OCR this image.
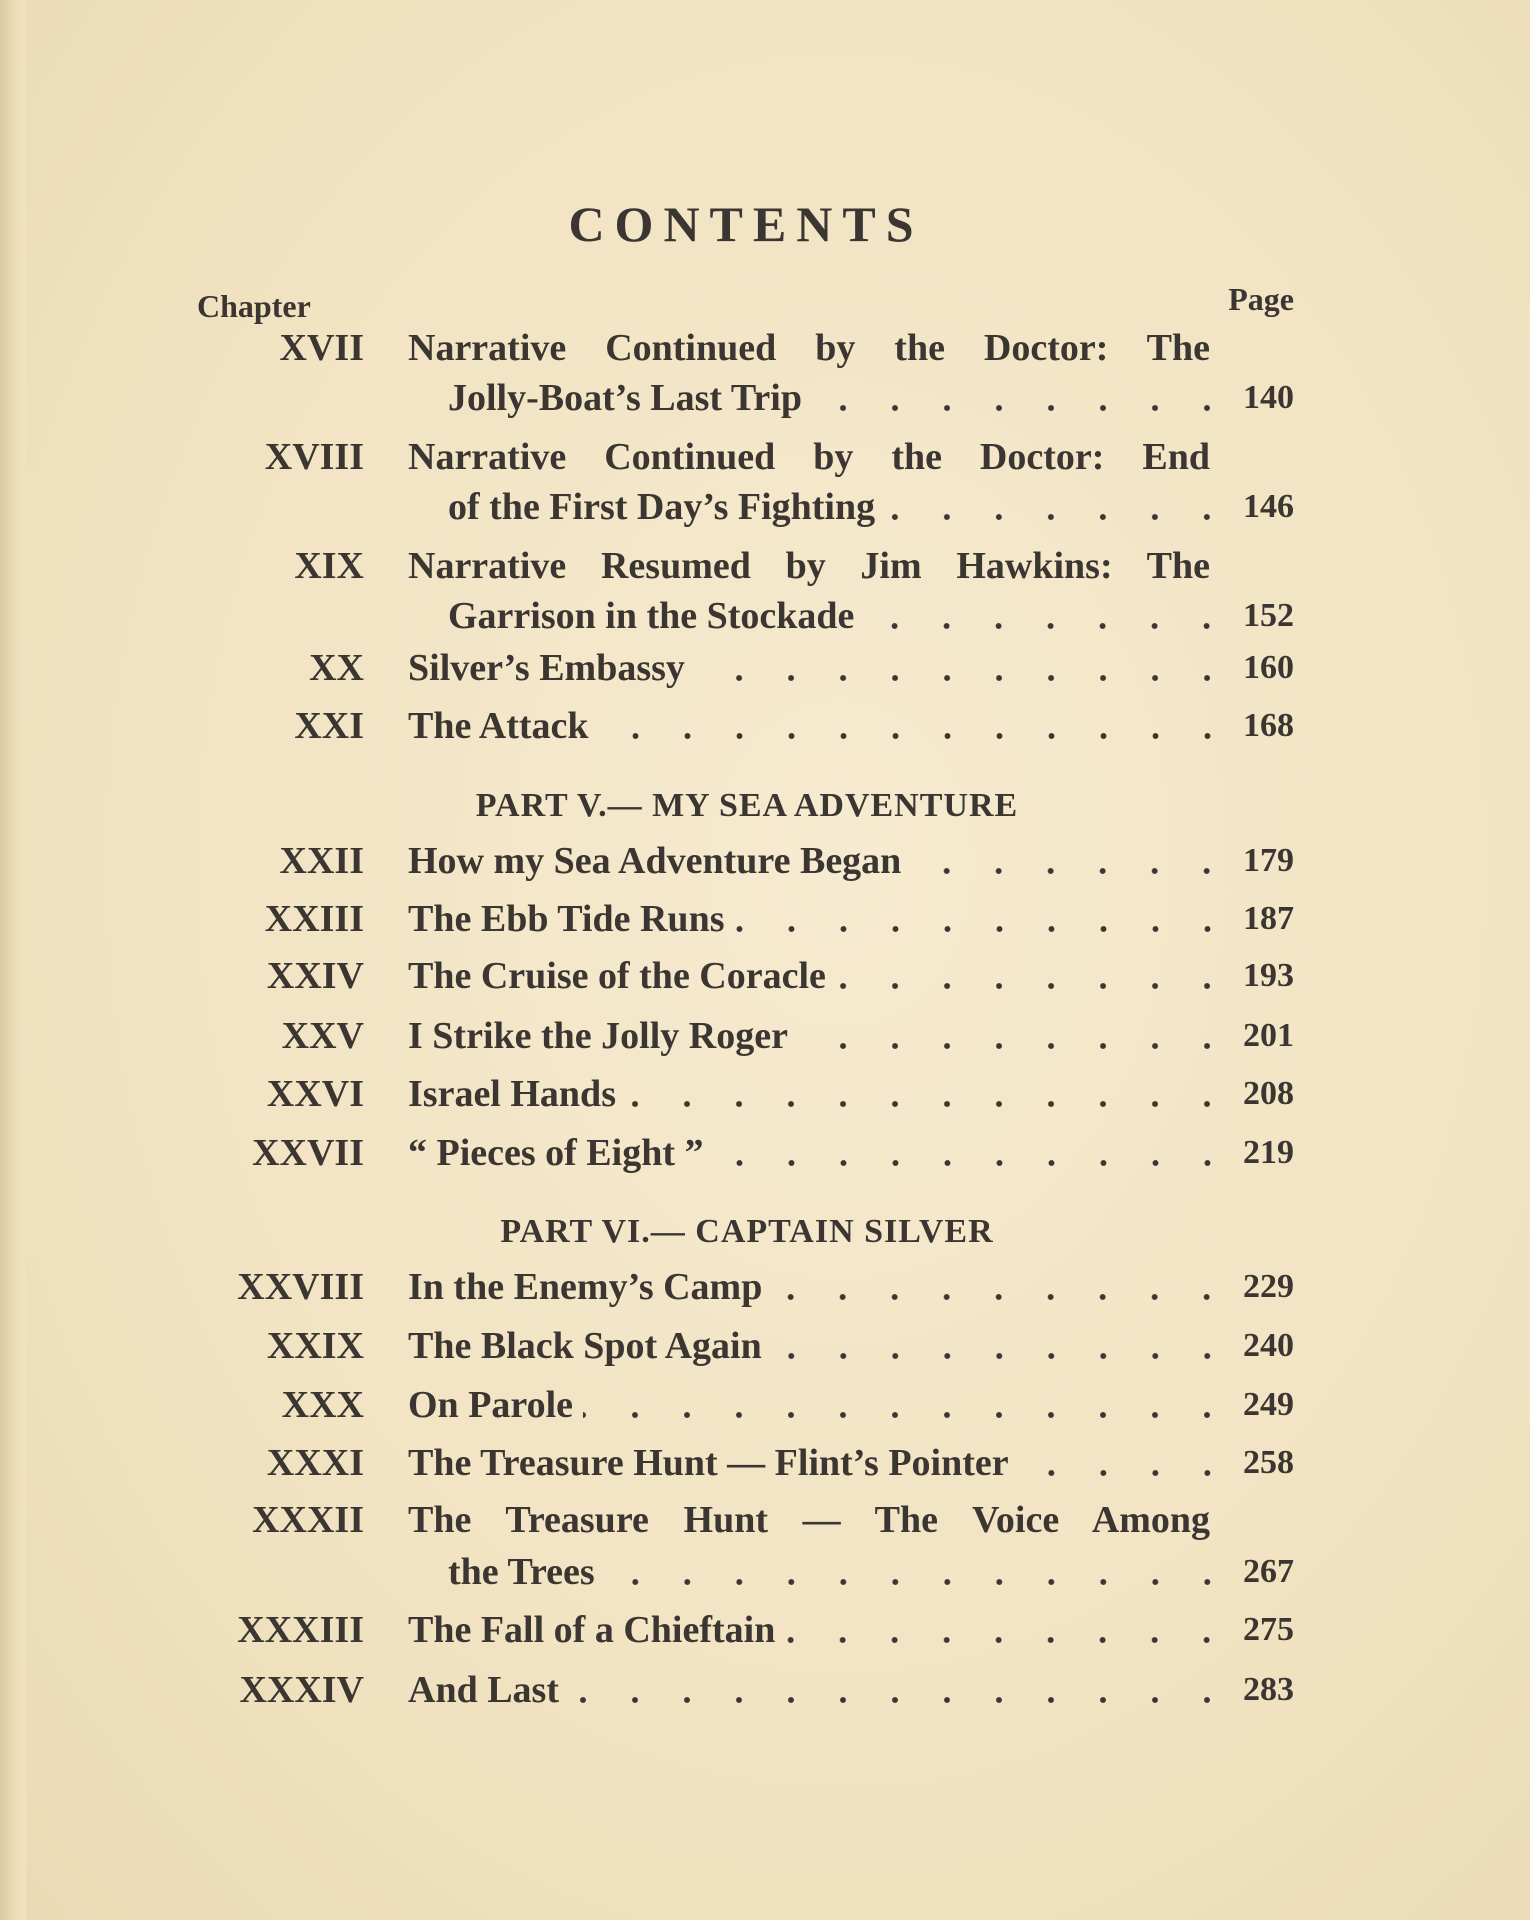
CONTENTS
Chapter	Page
XVII Narrative Continued by the Doctor: The
Jolly-Boat’s Last Trip	140
XVIII Narrative Continued by the Doctor: End
of the First Day’s Fighting	146
XIX Narrative Resumed by Jim Hawkins: The
Garrison in the Stockade	152
XX Silver’s Embassy	160
XXI The Attack	168
PART V.— MY SEA ADVENTURE
XXII How my Sea Adventure Began	179
XXIII The Ebb Tide Runs	187
XXIV The Cruise of the Coracle	193
XXV I Strike the Jolly Roger	201
XXVI Israel Hands	208
XXVII “ Pieces of Eight ”	219
PART VI.— CAPTAIN SILVER
XXVIII In the Enemy’s Camp	229
XXIX The Black Spot Again	240
XXX On Parole	249
XXXI The Treasure Hunt — Flint’s Pointer	258
XXXII The Treasure Hunt — The Voice Among
the Trees	267
XXXIII The Fall of a Chieftain	275
XXXIV And Last	283
